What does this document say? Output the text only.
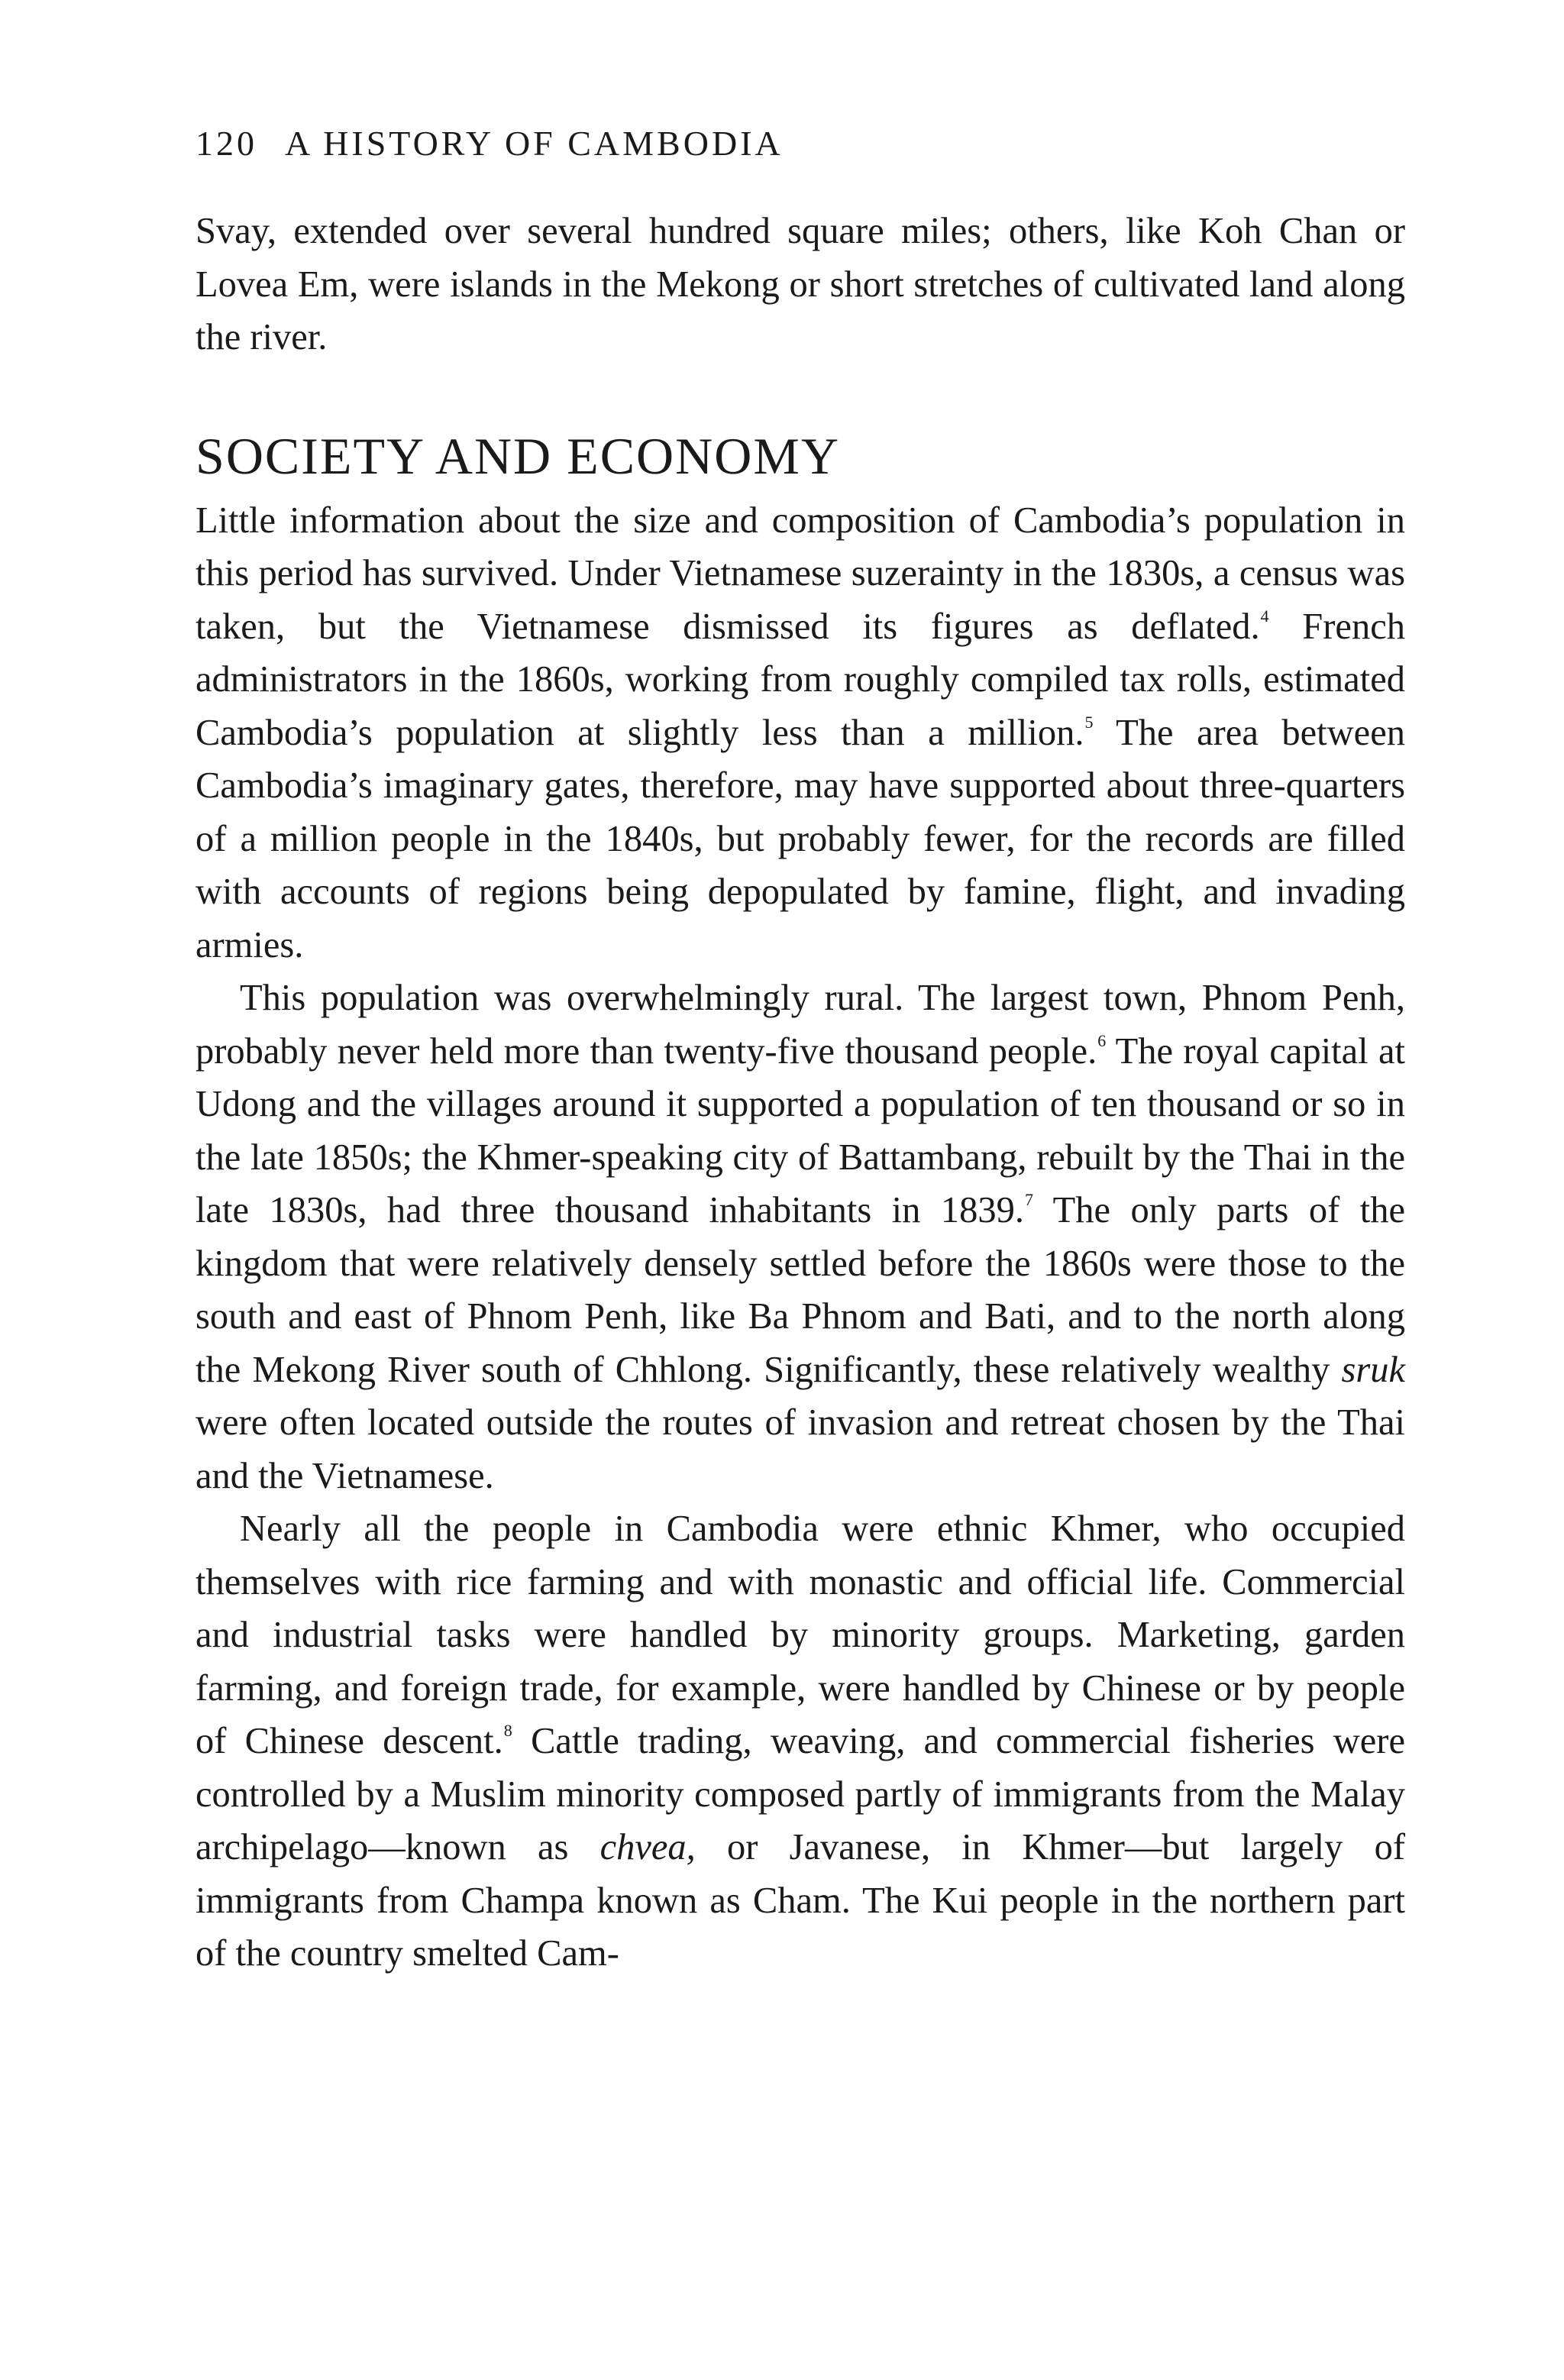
120 A HISTORY OF CAMBODIA

Svay, extended over several hundred square miles; others, like Koh Chan or Lovea Em, were islands in the Mekong or short stretches of cultivated land along the river.

SOCIETY AND ECONOMY

Little information about the size and composition of Cambodia’s population in this period has survived. Under Vietnamese suzerainty in the 1830s, a census was taken, but the Vietnamese dismissed its figures as deflated.$^4$ French administrators in the 1860s, working from roughly compiled tax rolls, estimated Cambodia’s population at slightly less than a million.$^5$ The area between Cambodia’s imaginary gates, therefore, may have supported about three-quarters of a million people in the 1840s, but probably fewer, for the records are filled with accounts of regions being depopulated by famine, flight, and invading armies.

This population was overwhelmingly rural. The largest town, Phnom Penh, probably never held more than twenty-five thousand people.$^6$ The royal capital at Udong and the villages around it supported a population of ten thousand or so in the late 1850s; the Khmer-speaking city of Battambang, rebuilt by the Thai in the late 1830s, had three thousand inhabitants in 1839.$^7$ The only parts of the kingdom that were relatively densely settled before the 1860s were those to the south and east of Phnom Penh, like Ba Phnom and Bati, and to the north along the Mekong River south of Chhlong. Significantly, these relatively wealthy sruk were often located outside the routes of invasion and retreat chosen by the Thai and the Vietnamese.

Nearly all the people in Cambodia were ethnic Khmer, who occupied themselves with rice farming and with monastic and official life. Commercial and industrial tasks were handled by minority groups. Marketing, garden farming, and foreign trade, for example, were handled by Chinese or by people of Chinese descent.$^8$ Cattle trading, weaving, and commercial fisheries were controlled by a Muslim minority composed partly of immigrants from the Malay archipelago—known as chvea, or Javanese, in Khmer—but largely of immigrants from Champa known as Cham. The Kui people in the northern part of the country smelted Cam-
